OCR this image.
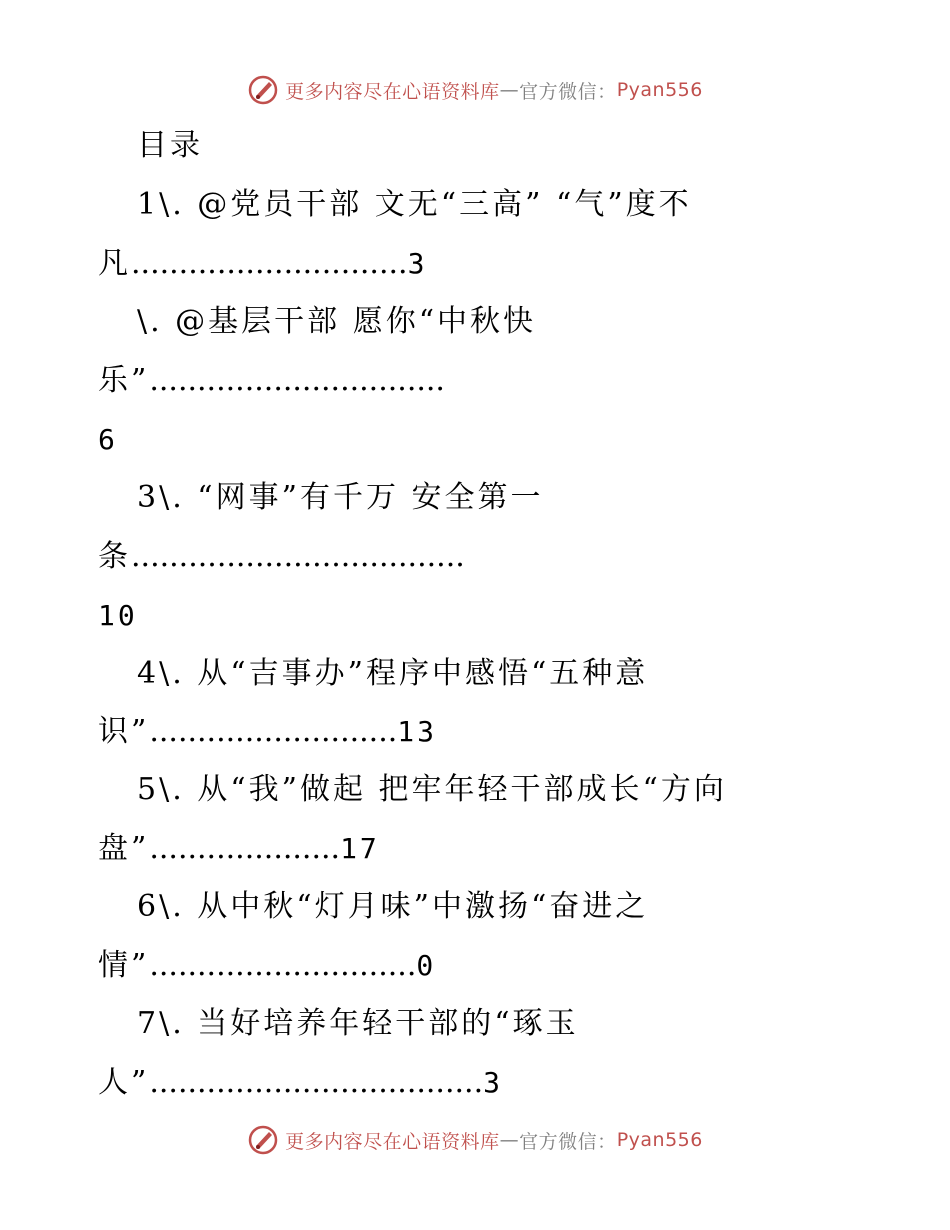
更多内容尽在心语资料库 — 官方微信： Pyan556
目录
1\. @党员干部 文无“三高” “气”度不
凡.............................3
\. @基层干部 愿你“中秋快
乐”...............................
6
3\. “网事”有千万 安全第一
条...................................
10
4\. 从“吉事办”程序中感悟“五种意
识”..........................13
5\. 从“我”做起 把牢年轻干部成长“方向
盘”....................17
6\. 从中秋“灯月味”中激扬“奋进之
情”............................0
7\. 当好培养年轻干部的“琢玉
人”...................................3
更多内容尽在心语资料库 — 官方微信： Pyan556
